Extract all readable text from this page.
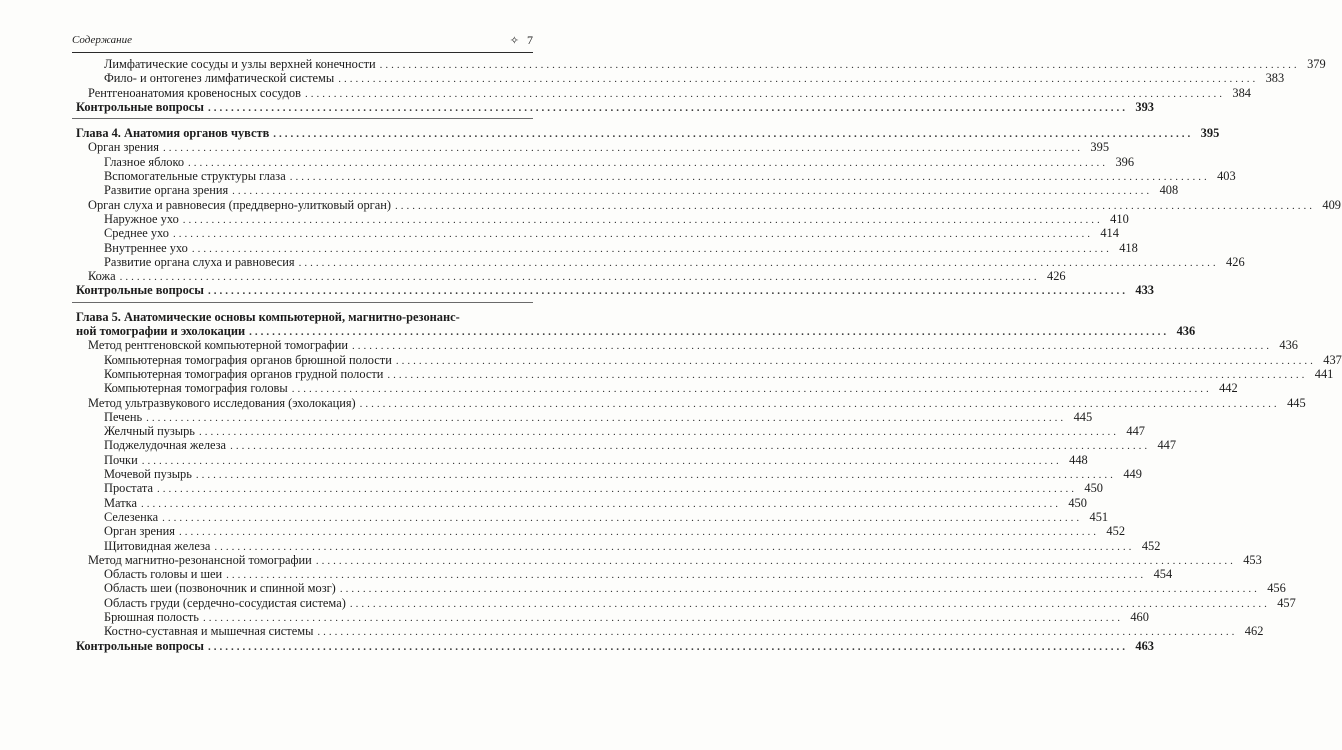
Содержание	✧ 7
Лимфатические сосуды и узлы верхней конечности ................................................................................................................................................................ 379
Фило- и онтогенез лимфатической системы ................................................................................................................................................................ 383
Рентгеноанатомия кровеносных сосудов ................................................................................................................................................................ 384
Контрольные вопросы ................................................................................................................................................................ 393
Глава 4. Анатомия органов чувств ................................................................................................................................................................ 395
Орган зрения ................................................................................................................................................................ 395
Глазное яблоко ................................................................................................................................................................ 396
Вспомогательные структуры глаза ................................................................................................................................................................ 403
Развитие органа зрения ................................................................................................................................................................ 408
Орган слуха и равновесия (преддверно-улитковый орган) ................................................................................................................................................................ 409
Наружное ухо ................................................................................................................................................................ 410
Среднее ухо ................................................................................................................................................................ 414
Внутреннее ухо ................................................................................................................................................................ 418
Развитие органа слуха и равновесия ................................................................................................................................................................ 426
Кожа ................................................................................................................................................................ 426
Контрольные вопросы ................................................................................................................................................................ 433
Глава 5. Анатомические основы компьютерной, магнитно-резонанс-
ной томографии и эхолокации ................................................................................................................................................................ 436
Метод рентгеновской компьютерной томографии ................................................................................................................................................................ 436
Компьютерная томография органов брюшной полости ................................................................................................................................................................ 437
Компьютерная томография органов грудной полости ................................................................................................................................................................ 441
Компьютерная томография головы ................................................................................................................................................................ 442
Метод ультразвукового исследования (эхолокация) ................................................................................................................................................................ 445
Печень ................................................................................................................................................................ 445
Желчный пузырь ................................................................................................................................................................ 447
Поджелудочная железа ................................................................................................................................................................ 447
Почки ................................................................................................................................................................ 448
Мочевой пузырь ................................................................................................................................................................ 449
Простата ................................................................................................................................................................ 450
Матка ................................................................................................................................................................ 450
Селезенка ................................................................................................................................................................ 451
Орган зрения ................................................................................................................................................................ 452
Щитовидная железа ................................................................................................................................................................ 452
Метод магнитно-резонансной томографии ................................................................................................................................................................ 453
Область головы и шеи ................................................................................................................................................................ 454
Область шеи (позвоночник и спинной мозг) ................................................................................................................................................................ 456
Область груди (сердечно-сосудистая система) ................................................................................................................................................................ 457
Брюшная полость ................................................................................................................................................................ 460
Костно-суставная и мышечная системы ................................................................................................................................................................ 462
Контрольные вопросы ................................................................................................................................................................ 463
